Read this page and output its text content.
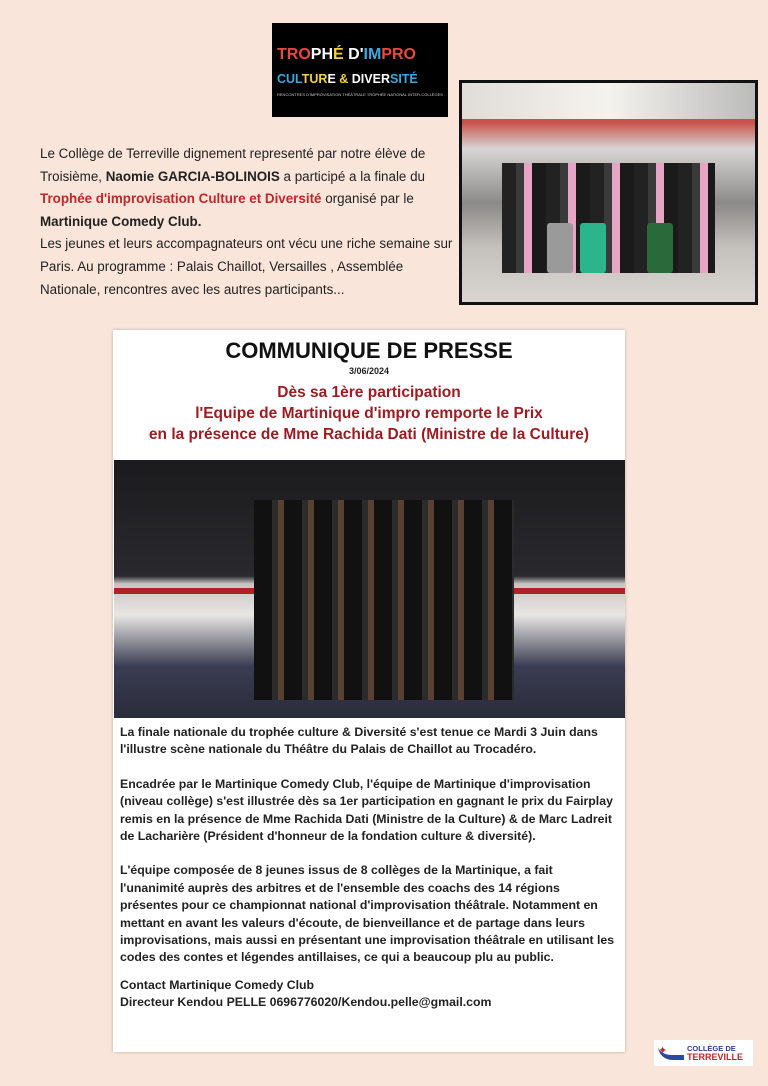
TROPHÉ D'IMPRO
CULTURE & DIVERSITÉ
RENCONTRES D'IMPROVISATION THÉÂTRALE TROPHÉE NATIONAL INTER-COLLÈGES
Le Collège de Terreville dignement representé par notre élève de Troisième, Naomie GARCIA-BOLINOIS a participé a la finale du Trophée d'improvisation Culture et Diversité organisé par le
Martinique Comedy Club.
Les jeunes et leurs accompagnateurs ont vécu une riche semaine sur Paris. Au programme : Palais Chaillot, Versailles , Assemblée Nationale, rencontres avec les autres participants...
COMMUNIQUE DE PRESSE
3/06/2024
Dès sa 1ère participation
l'Equipe de Martinique d'impro remporte le Prix
en la présence de Mme Rachida Dati (Ministre de la Culture)

La finale nationale du trophée culture & Diversité s'est tenue ce Mardi 3 Juin dans l'illustre scène nationale du Théâtre du Palais de Chaillot au Trocadéro.

Encadrée par le Martinique Comedy Club, l'équipe de Martinique d'improvisation (niveau collège) s'est illustrée dès sa 1er participation en gagnant le prix du Fairplay remis en la présence de Mme Rachida Dati (Ministre de la Culture) & de Marc Ladreit de Lacharière (Président d'honneur de la fondation culture & diversité).

L'équipe composée de 8 jeunes issus de 8 collèges de la Martinique, a fait l'unanimité auprès des arbitres et de l'ensemble des coachs des 14 régions présentes pour ce championnat national d'improvisation théâtrale. Notamment en mettant en avant les valeurs d'écoute, de bienveillance et de partage dans leurs improvisations, mais aussi en présentant une improvisation théâtrale en utilisant les codes des contes et légendes antillaises, ce qui a beaucoup plu au public.

Contact Martinique Comedy Club
Directeur Kendou PELLE 0696776020/Kendou.pelle@gmail.com
✦	COLLÈGE DE
TERREVILLE
